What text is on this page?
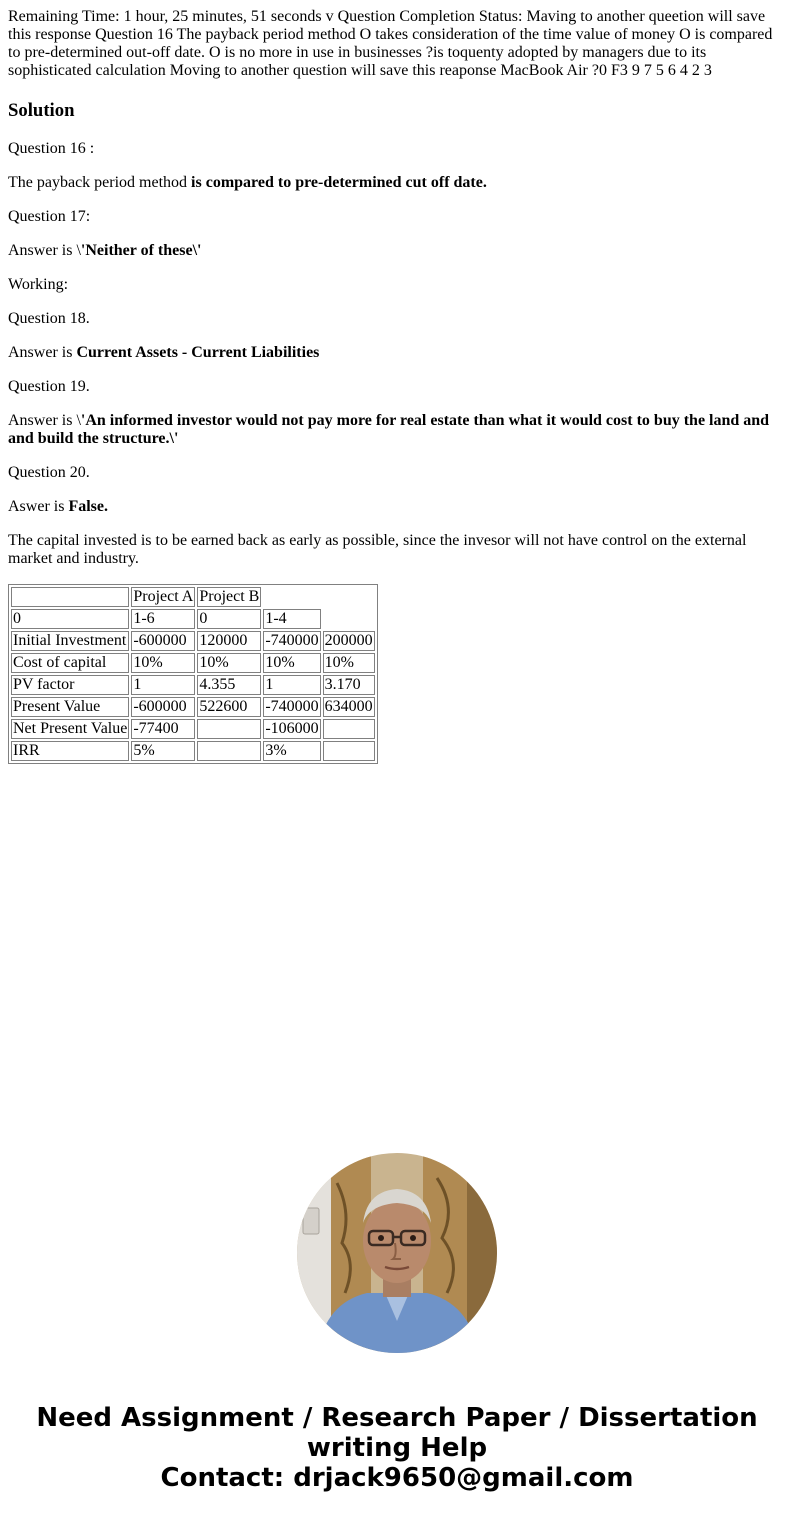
Remaining Time: 1 hour, 25 minutes, 51 seconds v Question Completion Status: Maving to another queetion will save this response Question 16 The payback period method O takes consideration of the time value of money O is compared to pre-determined out-off date. O is no more in use in businesses ?is toquenty adopted by managers due to its sophisticated calculation Moving to another question will save this reaponse MacBook Air ?0 F3 9 7 5 6 4 2 3
Solution

Question 16 :

The payback period method is compared to pre-determined cut off date.

Question 17:

Answer is \'Neither of these\'

Working:

Question 18.

Answer is Current Assets - Current Liabilities

Question 19.

Answer is \'An informed investor would not pay more for real estate than what it would cost to buy the land and and build the structure.\'

Question 20.

Aswer is False.

The capital invested is to be earned back as early as possible, since the invesor will not have control on the external market and industry.

	Project A	Project B		
0	1-6	0	1-4	
Initial Investment	-600000	120000	-740000	200000
Cost of capital	10%	10%	10%	10%
PV factor	1	4.355	1	3.170
Present Value	-600000	522600	-740000	634000
Net Present Value	-77400		-106000	
IRR	5%		3%	
Need Assignment / Research Paper / Dissertation
writing Help
Contact: drjack9650@gmail.com
